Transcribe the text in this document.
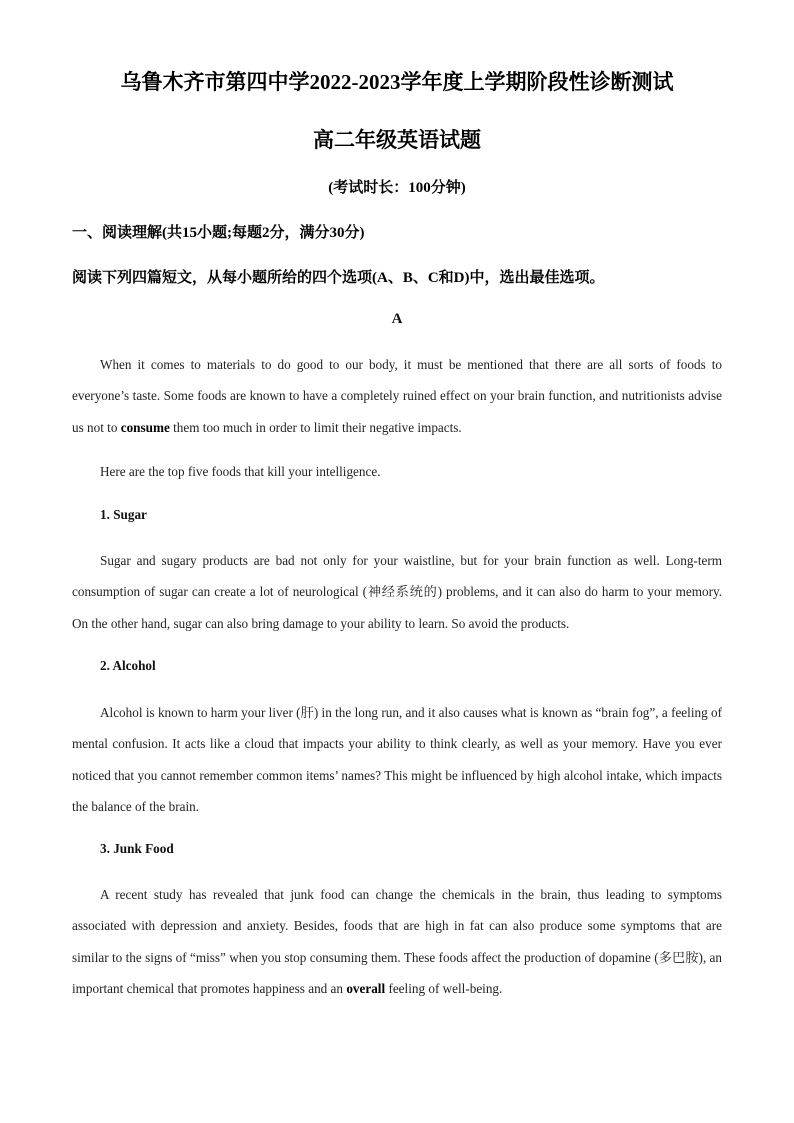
乌鲁木齐市第四中学2022-2023学年度上学期阶段性诊断测试
高二年级英语试题
(考试时长：100分钟)
一、阅读理解(共15小题;每题2分，满分30分)
阅读下列四篇短文，从每小题所给的四个选项(A、B、C和D)中，选出最佳选项。
A

When it comes to materials to do good to our body, it must be mentioned that there are all sorts of foods to everyone’s taste. Some foods are known to have a completely ruined effect on your brain function, and nutritionists advise us not to consume them too much in order to limit their negative impacts.

Here are the top five foods that kill your intelligence.

1. Sugar

Sugar and sugary products are bad not only for your waistline, but for your brain function as well. Long-term consumption of sugar can create a lot of neurological (神经系统的) problems, and it can also do harm to your memory. On the other hand, sugar can also bring damage to your ability to learn. So avoid the products.

2. Alcohol

Alcohol is known to harm your liver (肝) in the long run, and it also causes what is known as “brain fog”, a feeling of mental confusion. It acts like a cloud that impacts your ability to think clearly, as well as your memory. Have you ever noticed that you cannot remember common items’ names? This might be influenced by high alcohol intake, which impacts the balance of the brain.

3. Junk Food

A recent study has revealed that junk food can change the chemicals in the brain, thus leading to symptoms associated with depression and anxiety. Besides, foods that are high in fat can also produce some symptoms that are similar to the signs of “miss” when you stop consuming them. These foods affect the production of dopamine (多巴胺), an important chemical that promotes happiness and an overall feeling of well-being.
